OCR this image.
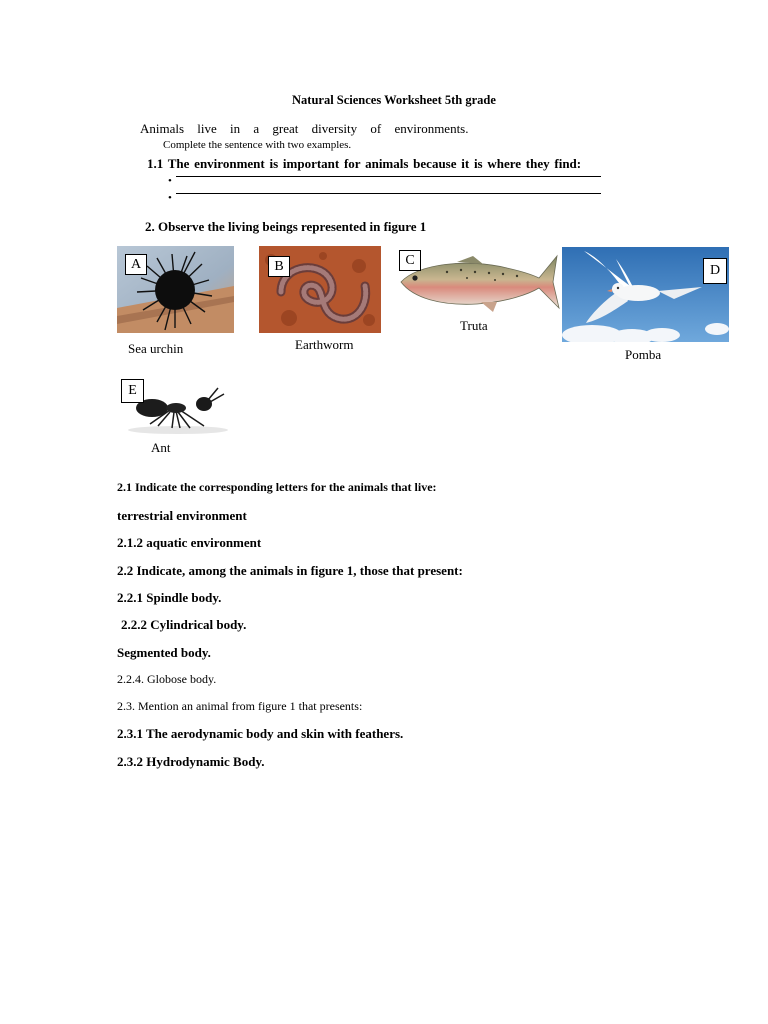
Natural Sciences Worksheet 5th grade
Animals live in a great diversity of environments.
Complete the sentence with two examples.
1.1 The environment is important for animals because it is where they find:
•
•
2. Observe the living beings represented in figure 1
A
Sea urchin
B
Earthworm
C
Truta
D
Pomba
E
Ant
2.1 Indicate the corresponding letters for the animals that live:
terrestrial environment
2.1.2 aquatic environment
2.2 Indicate, among the animals in figure 1, those that present:
2.2.1 Spindle body.
2.2.2 Cylindrical body.
Segmented body.
2.2.4. Globose body.
2.3. Mention an animal from figure 1 that presents:
2.3.1 The aerodynamic body and skin with feathers.
2.3.2 Hydrodynamic Body.
